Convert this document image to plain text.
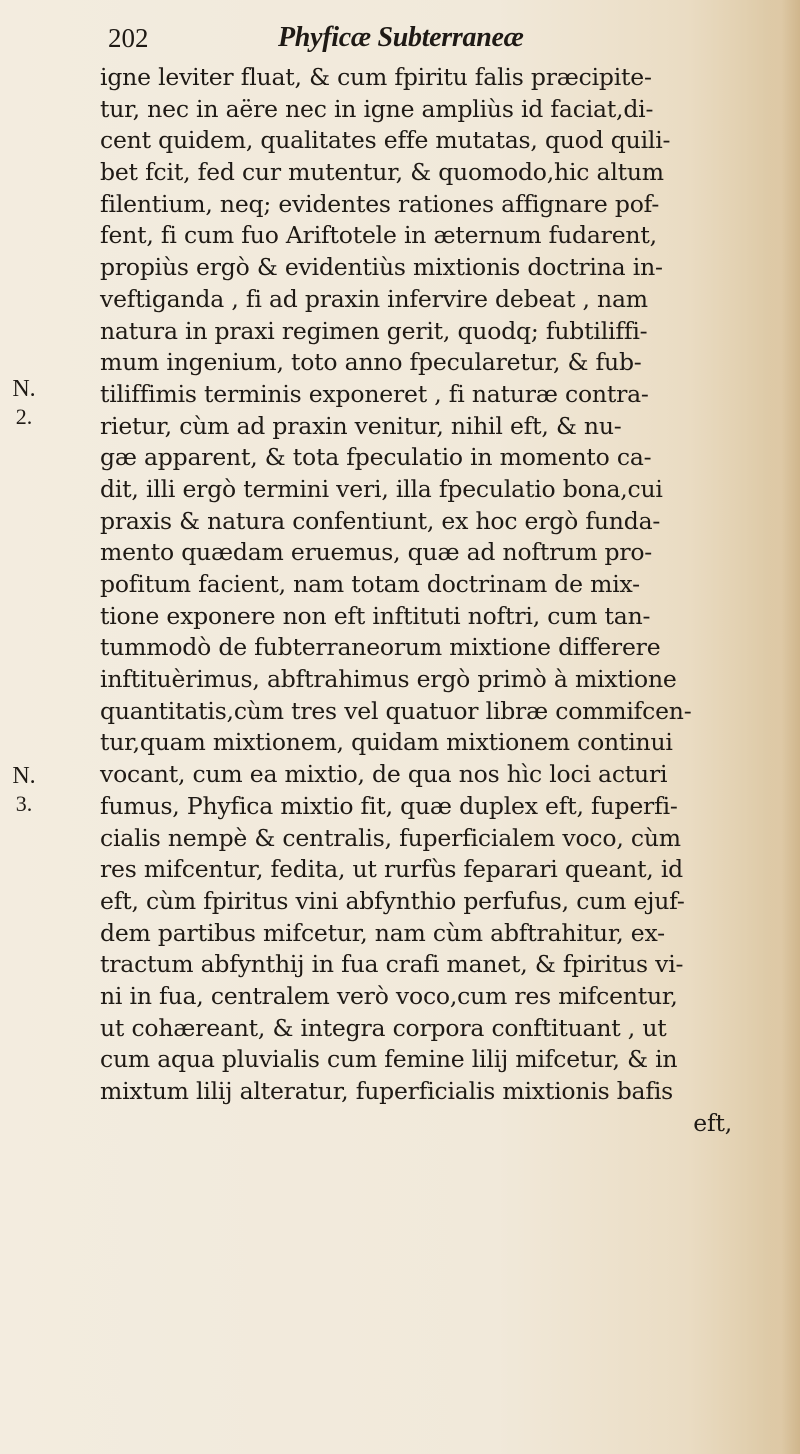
202	Phyficæ Subterraneæ
N.
2.
N.
3.
igne leviter fluat, & cum fpiritu falis præcipite-
tur, nec in aëre nec in igne ampliùs id faciat,di-
cent quidem, qualitates effe mutatas, quod quili-
bet fcit, fed cur mutentur, & quomodo,hic altum
filentium, neq; evidentes rationes affignare pof-
fent, fi cum fuo Ariftotele in æternum fudarent,
propiùs ergò & evidentiùs mixtionis doctrina in-
veftiganda , fi ad praxin infervire debeat , nam
natura in praxi regimen gerit, quodq; fubtiliffi-
mum ingenium, toto anno fpecularetur, & fub-
tiliffimis terminis exponeret , fi naturæ contra-
rietur, cùm ad praxin venitur, nihil eft, & nu-
gæ apparent, & tota fpeculatio in momento ca-
dit, illi ergò termini veri, illa fpeculatio bona,cui
praxis & natura confentiunt, ex hoc ergò funda-
mento quædam eruemus, quæ ad noftrum pro-
pofitum facient, nam totam doctrinam de mix-
tione exponere non eft inftituti noftri, cum tan-
tummodò de fubterraneorum mixtione differere
inftituèrimus, abftrahimus ergò primò à mixtione
quantitatis,cùm tres vel quatuor libræ commifcen-
tur,quam mixtionem, quidam mixtionem continui
vocant, cum ea mixtio, de qua nos hìc loci acturi
fumus, Phyfica mixtio fit, quæ duplex eft, fuperfi-
cialis nempè & centralis, fuperficialem voco, cùm
res mifcentur, fedita, ut rurfùs feparari queant, id
eft, cùm fpiritus vini abfynthio perfufus, cum ejuf-
dem partibus mifcetur, nam cùm abftrahitur, ex-
tractum abfynthij in fua crafi manet, & fpiritus vi-
ni in fua, centralem verò voco,cum res mifcentur,
ut cohæreant, & integra corpora conftituant , ut
cum aqua pluvialis cum femine lilij mifcetur, & in
mixtum lilij alteratur, fuperficialis mixtionis bafis
eft,
